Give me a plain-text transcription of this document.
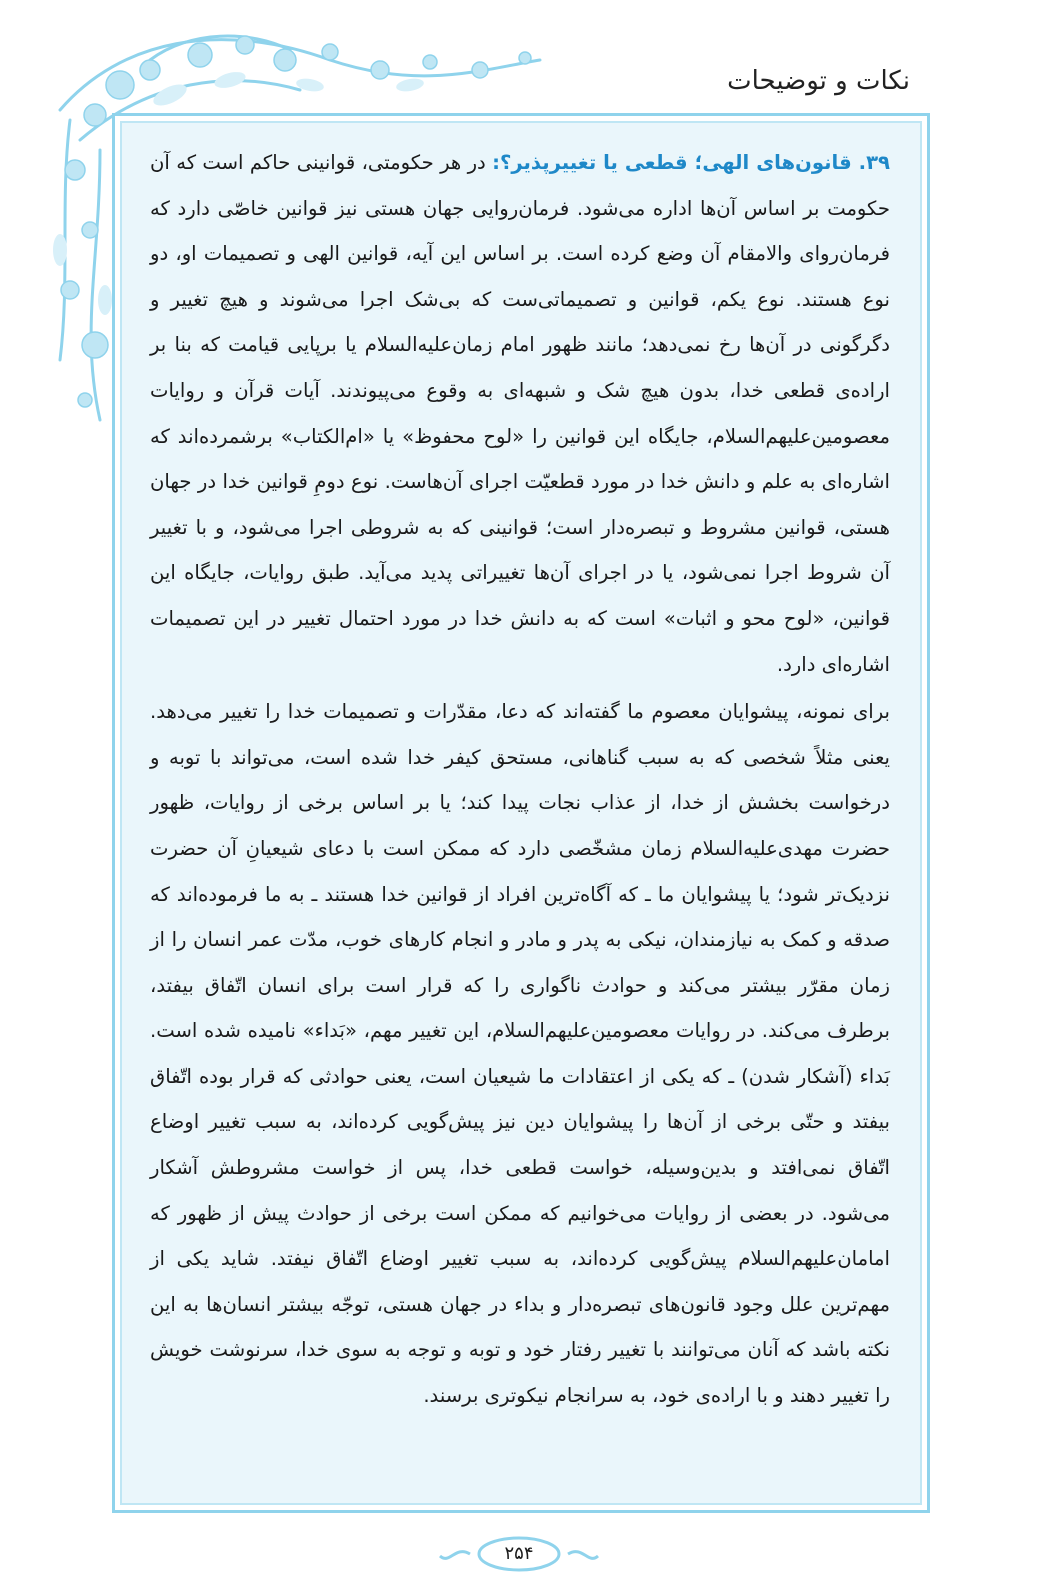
نکات و توضیحات

۳۹. قانون‌های الهی؛ قطعی یا تغییرپذیر؟: در هر حکومتی، قوانینی حاکم است که آن حکومت بر اساس آن‌ها اداره می‌شود. فرمان‌روایی جهان هستی نیز قوانین خاصّی دارد که فرمان‌روای والامقام آن وضع کرده است. بر اساس این آیه، قوانین الهی و تصمیمات او، دو نوع هستند. نوع یکم، قوانین و تصمیماتی‌ست که بی‌شک اجرا می‌شوند و هیچ تغییر و دگرگونی در آن‌ها رخ نمی‌دهد؛ مانند ظهور امام زمان‌علیه‌السلام یا برپایی قیامت که بنا بر اراده‌ی قطعی خدا، بدون هیچ شک و شبهه‌ای به وقوع می‌پیوندند. آیات قرآن و روایات معصومین‌علیهم‌السلام، جایگاه این قوانین را «لوح محفوظ» یا «ام‌الکتاب» برشمرده‌اند که اشاره‌ای به علم و دانش خدا در مورد قطعیّت اجرای آن‌هاست. نوع دومِ قوانین خدا در جهان هستی، قوانین مشروط و تبصره‌دار است؛ قوانینی که به شروطی اجرا می‌شود، و با تغییر آن شروط اجرا نمی‌شود، یا در اجرای آن‌ها تغییراتی پدید می‌آید. طبق روایات، جایگاه این قوانین، «لوح محو و اثبات» است که به دانش خدا در مورد احتمال تغییر در این تصمیمات اشاره‌ای دارد.

برای نمونه، پیشوایان معصوم ما گفته‌اند که دعا، مقدّرات و تصمیمات خدا را تغییر می‌دهد. یعنی مثلاً شخصی که به سبب گناهانی، مستحق کیفر خدا شده است، می‌تواند با توبه و درخواست بخشش از خدا، از عذاب نجات پیدا کند؛ یا بر اساس برخی از روایات، ظهور حضرت مهدی‌علیه‌السلام زمان مشخّصی دارد که ممکن است با دعای شیعیانِ آن حضرت نزدیک‌تر شود؛ یا پیشوایان ما ـ که آگاه‌ترین افراد از قوانین خدا هستند ـ به ما فرموده‌اند که صدقه و کمک به نیازمندان، نیکی به پدر و مادر و انجام کارهای خوب، مدّت عمر انسان را از زمان مقرّر بیشتر می‌کند و حوادث ناگواری را که قرار است برای انسان اتّفاق بیفتد، برطرف می‌کند. در روایات معصومین‌علیهم‌السلام، این تغییر مهم، «بَداء» نامیده شده است. بَداء (آشکار شدن) ـ که یکی از اعتقادات ما شیعیان است، یعنی حوادثی که قرار بوده اتّفاق بیفتد و حتّی برخی از آن‌ها را پیشوایان دین نیز پیش‌گویی کرده‌اند، به سبب تغییر اوضاع اتّفاق نمی‌افتد و بدین‌وسیله، خواست قطعی خدا، پس از خواست مشروطش آشکار می‌شود. در بعضی از روایات می‌خوانیم که ممکن است برخی از حوادث پیش از ظهور که امامان‌علیهم‌السلام پیش‌گویی کرده‌اند، به سبب تغییر اوضاع اتّفاق نیفتد. شاید یکی از مهم‌ترین علل وجود قانون‌های تبصره‌دار و بداء در جهان هستی، توجّه بیشتر انسان‌ها به این نکته باشد که آنان می‌توانند با تغییر رفتار خود و توبه و توجه به سوی خدا، سرنوشت خویش را تغییر دهند و با اراده‌ی خود، به سرانجام نیکوتری برسند.

۲۵۴
